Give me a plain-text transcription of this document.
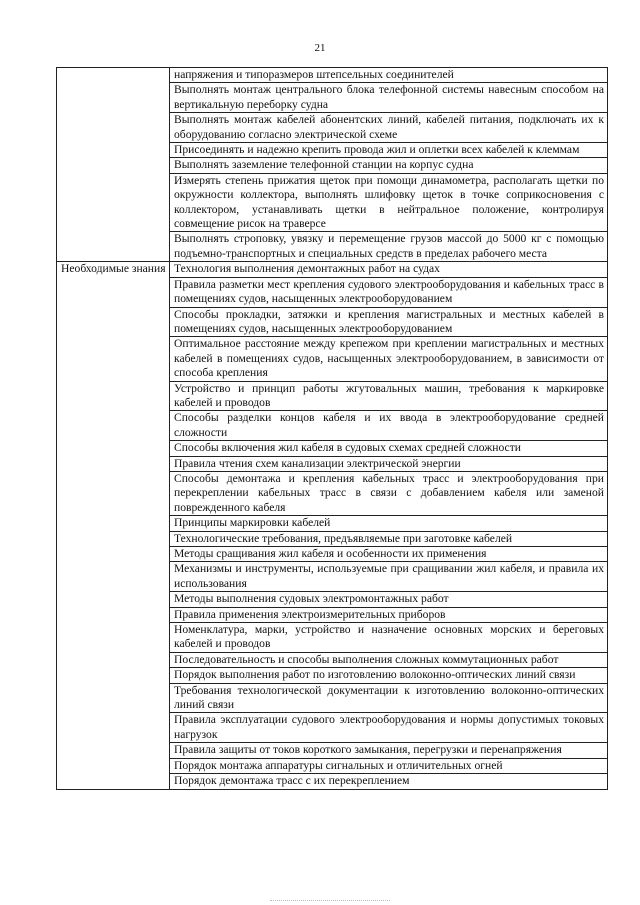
21
	напряжения и типоразмеров штепсельных соединителей
	Выполнять монтаж центрального блока телефонной системы навесным способом на вертикальную переборку судна
	Выполнять монтаж кабелей абонентских линий, кабелей питания, подключать их к оборудованию согласно электрической схеме
	Присоединять и надежно крепить провода жил и оплетки всех кабелей к клеммам
	Выполнять заземление телефонной станции на корпус судна
	Измерять степень прижатия щеток при помощи динамометра, располагать щетки по окружности коллектора, выполнять шлифовку щеток в точке соприкосновения с коллектором, устанавливать щетки в нейтральное положение, контролируя совмещение рисок на траверсе
	Выполнять строповку, увязку и перемещение грузов массой до 5000 кг с помощью подъемно-транспортных и специальных средств в пределах рабочего места
Необходимые знания	Технология выполнения демонтажных работ на судах
	Правила разметки мест крепления судового электрооборудования и кабельных трасс в помещениях судов, насыщенных электрооборудованием
	Способы прокладки, затяжки и крепления магистральных и местных кабелей в помещениях судов, насыщенных электрооборудованием
	Оптимальное расстояние между крепежом при креплении магистральных и местных кабелей в помещениях судов, насыщенных электрооборудованием, в зависимости от способа крепления
	Устройство и принцип работы жгутовальных машин, требования к маркировке кабелей и проводов
	Способы разделки концов кабеля и их ввода в электрооборудование средней сложности
	Способы включения жил кабеля в судовых схемах средней сложности
	Правила чтения схем канализации электрической энергии
	Способы демонтажа и крепления кабельных трасс и электрооборудования при перекреплении кабельных трасс в связи с добавлением кабеля или заменой поврежденного кабеля
	Принципы маркировки кабелей
	Технологические требования, предъявляемые при заготовке кабелей
	Методы сращивания жил кабеля и особенности их применения
	Механизмы и инструменты, используемые при сращивании жил кабеля, и правила их использования
	Методы выполнения судовых электромонтажных работ
	Правила применения электроизмерительных приборов
	Номенклатура, марки, устройство и назначение основных морских и береговых кабелей и проводов
	Последовательность и способы выполнения сложных коммутационных работ
	Порядок выполнения работ по изготовлению волоконно-оптических линий связи
	Требования технологической документации к изготовлению волоконно-оптических линий связи
	Правила эксплуатации судового электрооборудования и нормы допустимых токовых нагрузок
	Правила защиты от токов короткого замыкания, перегрузки и перенапряжения
	Порядок монтажа аппаратуры сигнальных и отличительных огней
	Порядок демонтажа трасс с их перекреплением
